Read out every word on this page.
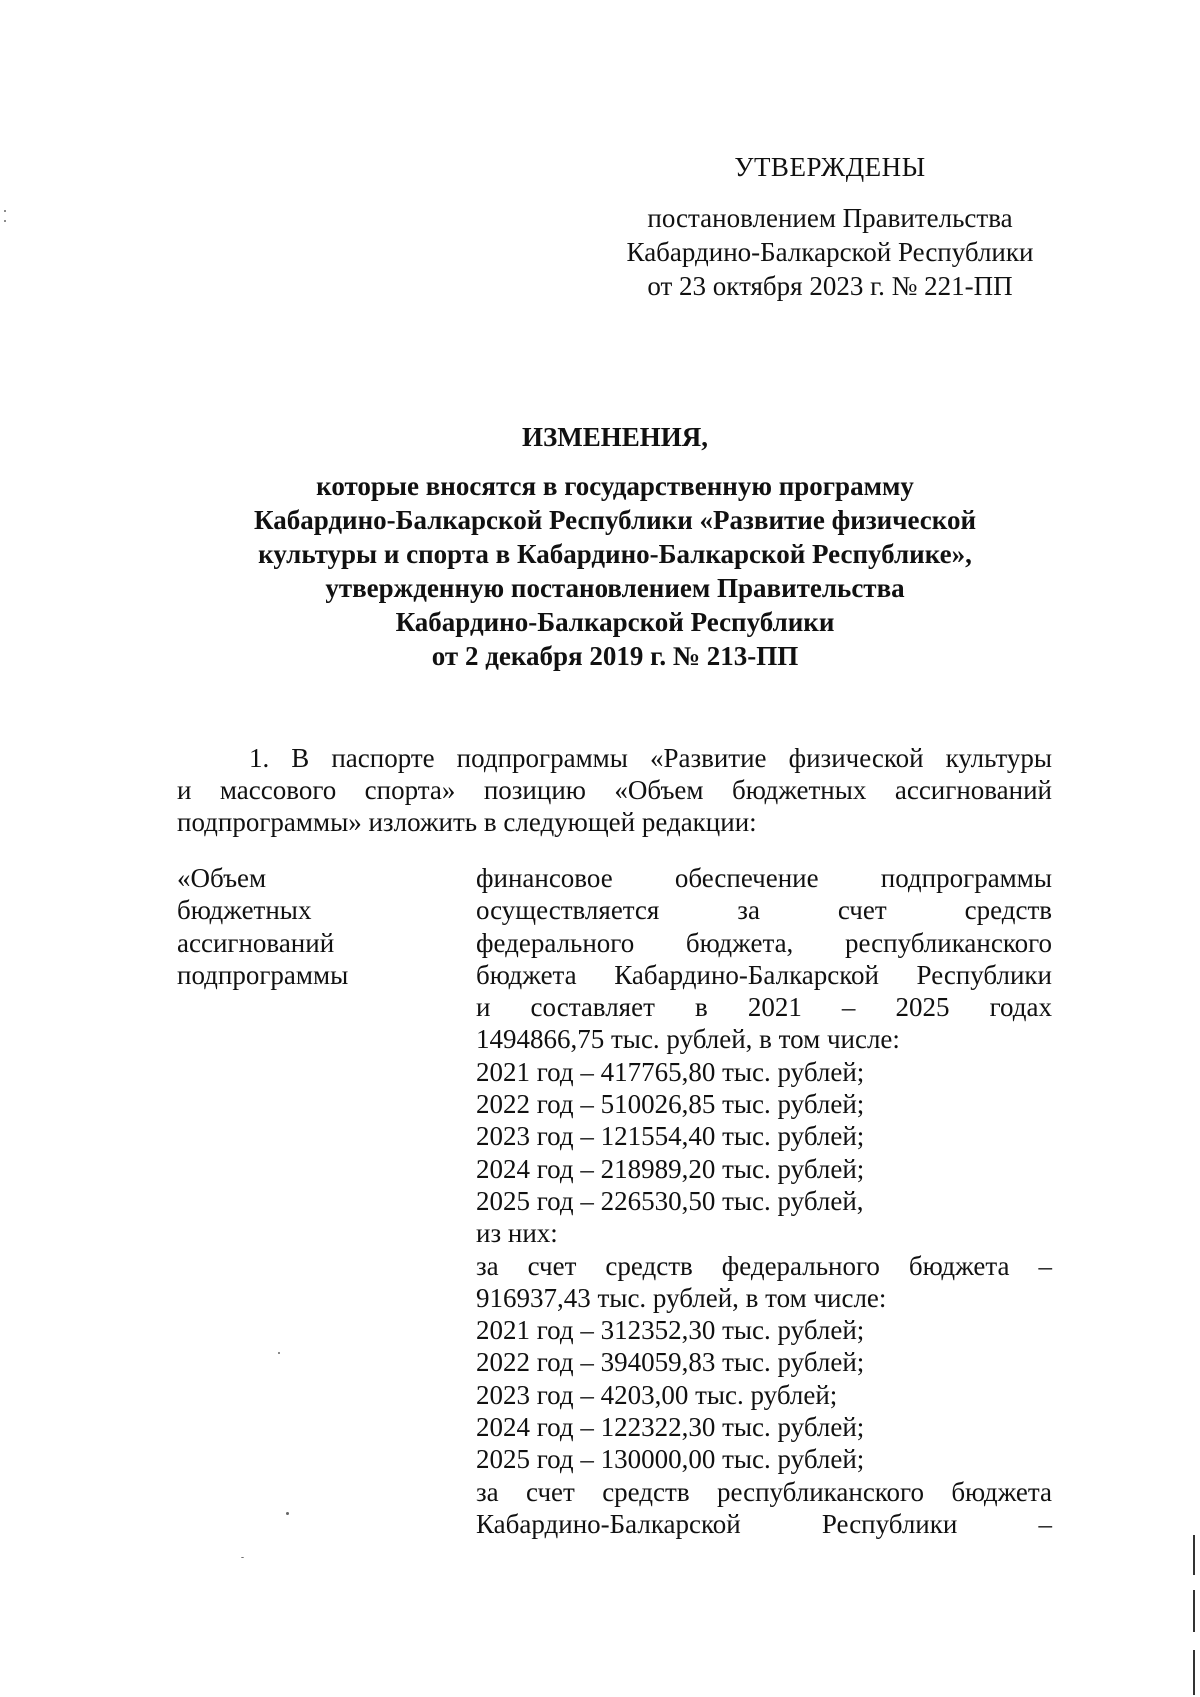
УТВЕРЖДЕНЫ
постановлением Правительства
Кабардино-Балкарской Республики
от 23 октября 2023 г. № 221-ПП
ИЗМЕНЕНИЯ,
которые вносятся в государственную программу
Кабардино-Балкарской Республики «Развитие физической
культуры и спорта в Кабардино-Балкарской Республике»,
утвержденную постановлением Правительства
Кабардино-Балкарской Республики
от 2 декабря 2019 г. № 213-ПП
1. В паспорте подпрограммы «Развитие физической культуры
и массового спорта» позицию «Объем бюджетных ассигнований
подпрограммы» изложить в следующей редакции:
«Объем
бюджетных
ассигнований
подпрограммы
финансовое обеспечение подпрограммы
осуществляется за счет средств
федерального бюджета, республиканского
бюджета Кабардино-Балкарской Республики
и составляет в 2021 – 2025 годах
1494866,75 тыс. рублей, в том числе:
2021 год – 417765,80 тыс. рублей;
2022 год – 510026,85 тыс. рублей;
2023 год – 121554,40 тыс. рублей;
2024 год – 218989,20 тыс. рублей;
2025 год – 226530,50 тыс. рублей,
из них:
за счет средств федерального бюджета –
916937,43 тыс. рублей, в том числе:
2021 год – 312352,30 тыс. рублей;
2022 год – 394059,83 тыс. рублей;
2023 год – 4203,00 тыс. рублей;
2024 год – 122322,30 тыс. рублей;
2025 год – 130000,00 тыс. рублей;
за счет средств республиканского бюджета
Кабардино-Балкарской Республики –
